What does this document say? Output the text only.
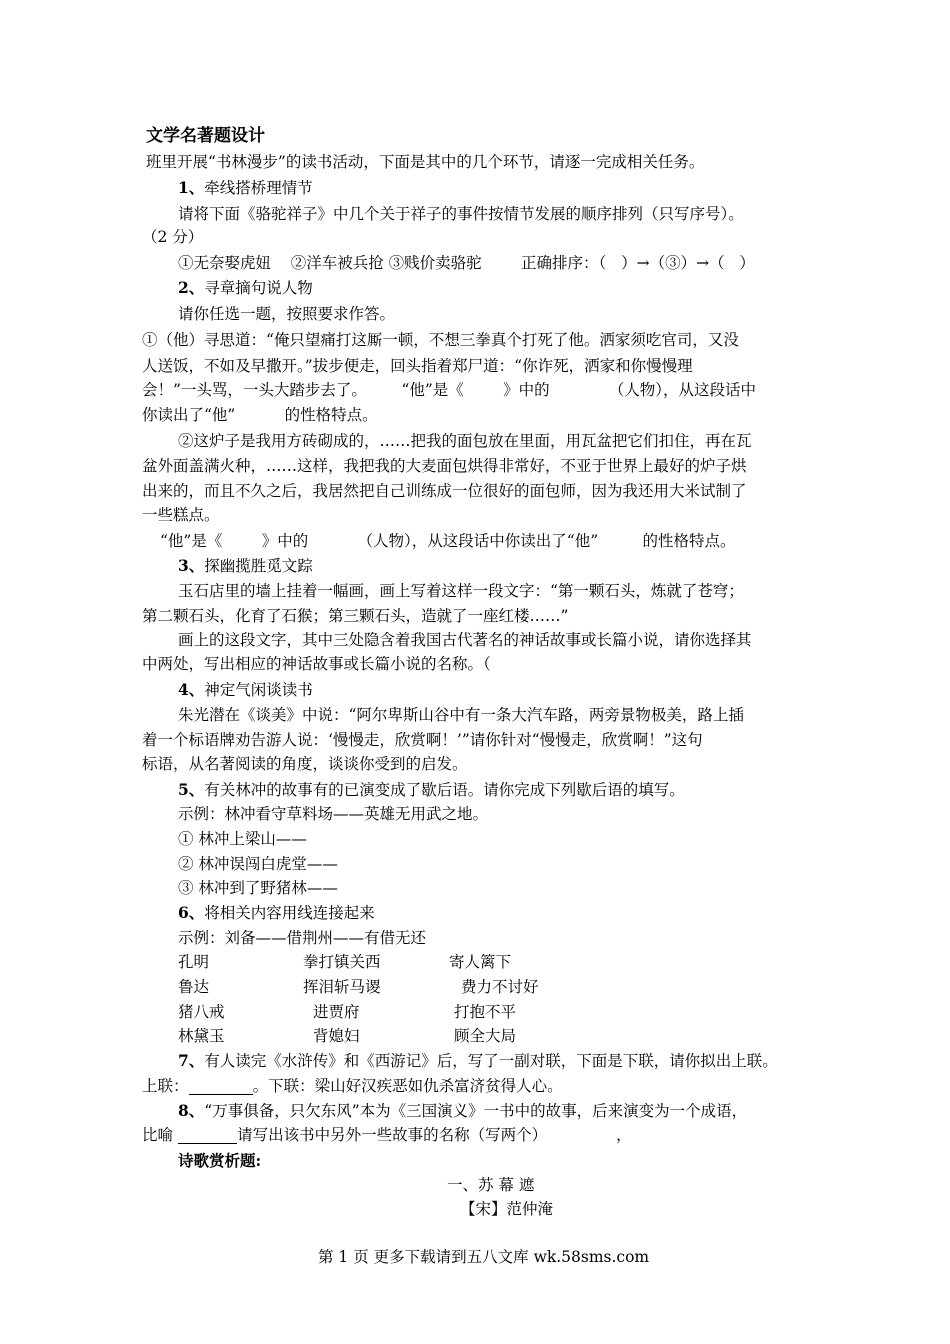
文学名著题设计
班里开展“书林漫步”的读书活动，下面是其中的几个环节，请逐一完成相关任务。
1、牵线搭桥理情节
请将下面《骆驼祥子》中几个关于祥子的事件按情节发展的顺序排列（只写序号）。
（2 分）
①无奈娶虎妞    ②洋车被兵抢 ③贱价卖骆驼        正确排序：（   ）→（③）→（   ）
2、寻章摘句说人物
请你任选一题，按照要求作答。
①（他）寻思道：“俺只望痛打这厮一顿，不想三拳真个打死了他。洒家须吃官司，又没
人送饭，不如及早撒开。”拔步便走，回头指着郑尸道：“你诈死，洒家和你慢慢理
会！”一头骂，一头大踏步去了。       “他”是《        》中的            （人物），从这段话中
你读出了“他”          的性格特点。
②这炉子是我用方砖砌成的，……把我的面包放在里面，用瓦盆把它们扣住，再在瓦
盆外面盖满火种，……这样，我把我的大麦面包烘得非常好，不亚于世界上最好的炉子烘
出来的，而且不久之后，我居然把自己训练成一位很好的面包师，因为我还用大米试制了
一些糕点。
“他”是《        》中的          （人物），从这段话中你读出了“他”         的性格特点。
3、探幽揽胜觅文踪
玉石店里的墙上挂着一幅画，画上写着这样一段文字：“第一颗石头，炼就了苍穹；
第二颗石头，化育了石猴；第三颗石头，造就了一座红楼……”
画上的这段文字，其中三处隐含着我国古代著名的神话故事或长篇小说，请你选择其
中两处，写出相应的神话故事或长篇小说的名称。（
4、神定气闲谈读书
朱光潜在《谈美》中说：“阿尔卑斯山谷中有一条大汽车路，两旁景物极美，路上插
着一个标语牌劝告游人说：‘慢慢走，欣赏啊！’”请你针对“慢慢走，欣赏啊！”这句
标语，从名著阅读的角度，谈谈你受到的启发。
5、有关林冲的故事有的已演变成了歇后语。请你完成下列歇后语的填写。
示例：林冲看守草料场——英雄无用武之地。
① 林冲上梁山——
② 林冲误闯白虎堂——
③ 林冲到了野猪林——
6、将相关内容用线连接起来
示例：刘备——借荆州——有借无还
孔明	拳打镇关西	寄人篱下
鲁达	挥泪斩马谡	费力不讨好
猪八戒	进贾府	打抱不平
林黛玉	背媳妇	顾全大局
7、有人读完《水浒传》和《西游记》后，写了一副对联，下面是下联，请你拟出上联。
上联：	。下联：梁山好汉疾恶如仇杀富济贫得人心。
8、“万事俱备，只欠东风”本为《三国演义》一书中的故事，后来演变为一个成语，
比喻	请写出该书中另外一些故事的名称（写两个）              ，
诗歌赏析题:
一、苏 幕 遮
【宋】范仲淹
第 1 页 更多下载请到五八文库 wk.58sms.com
